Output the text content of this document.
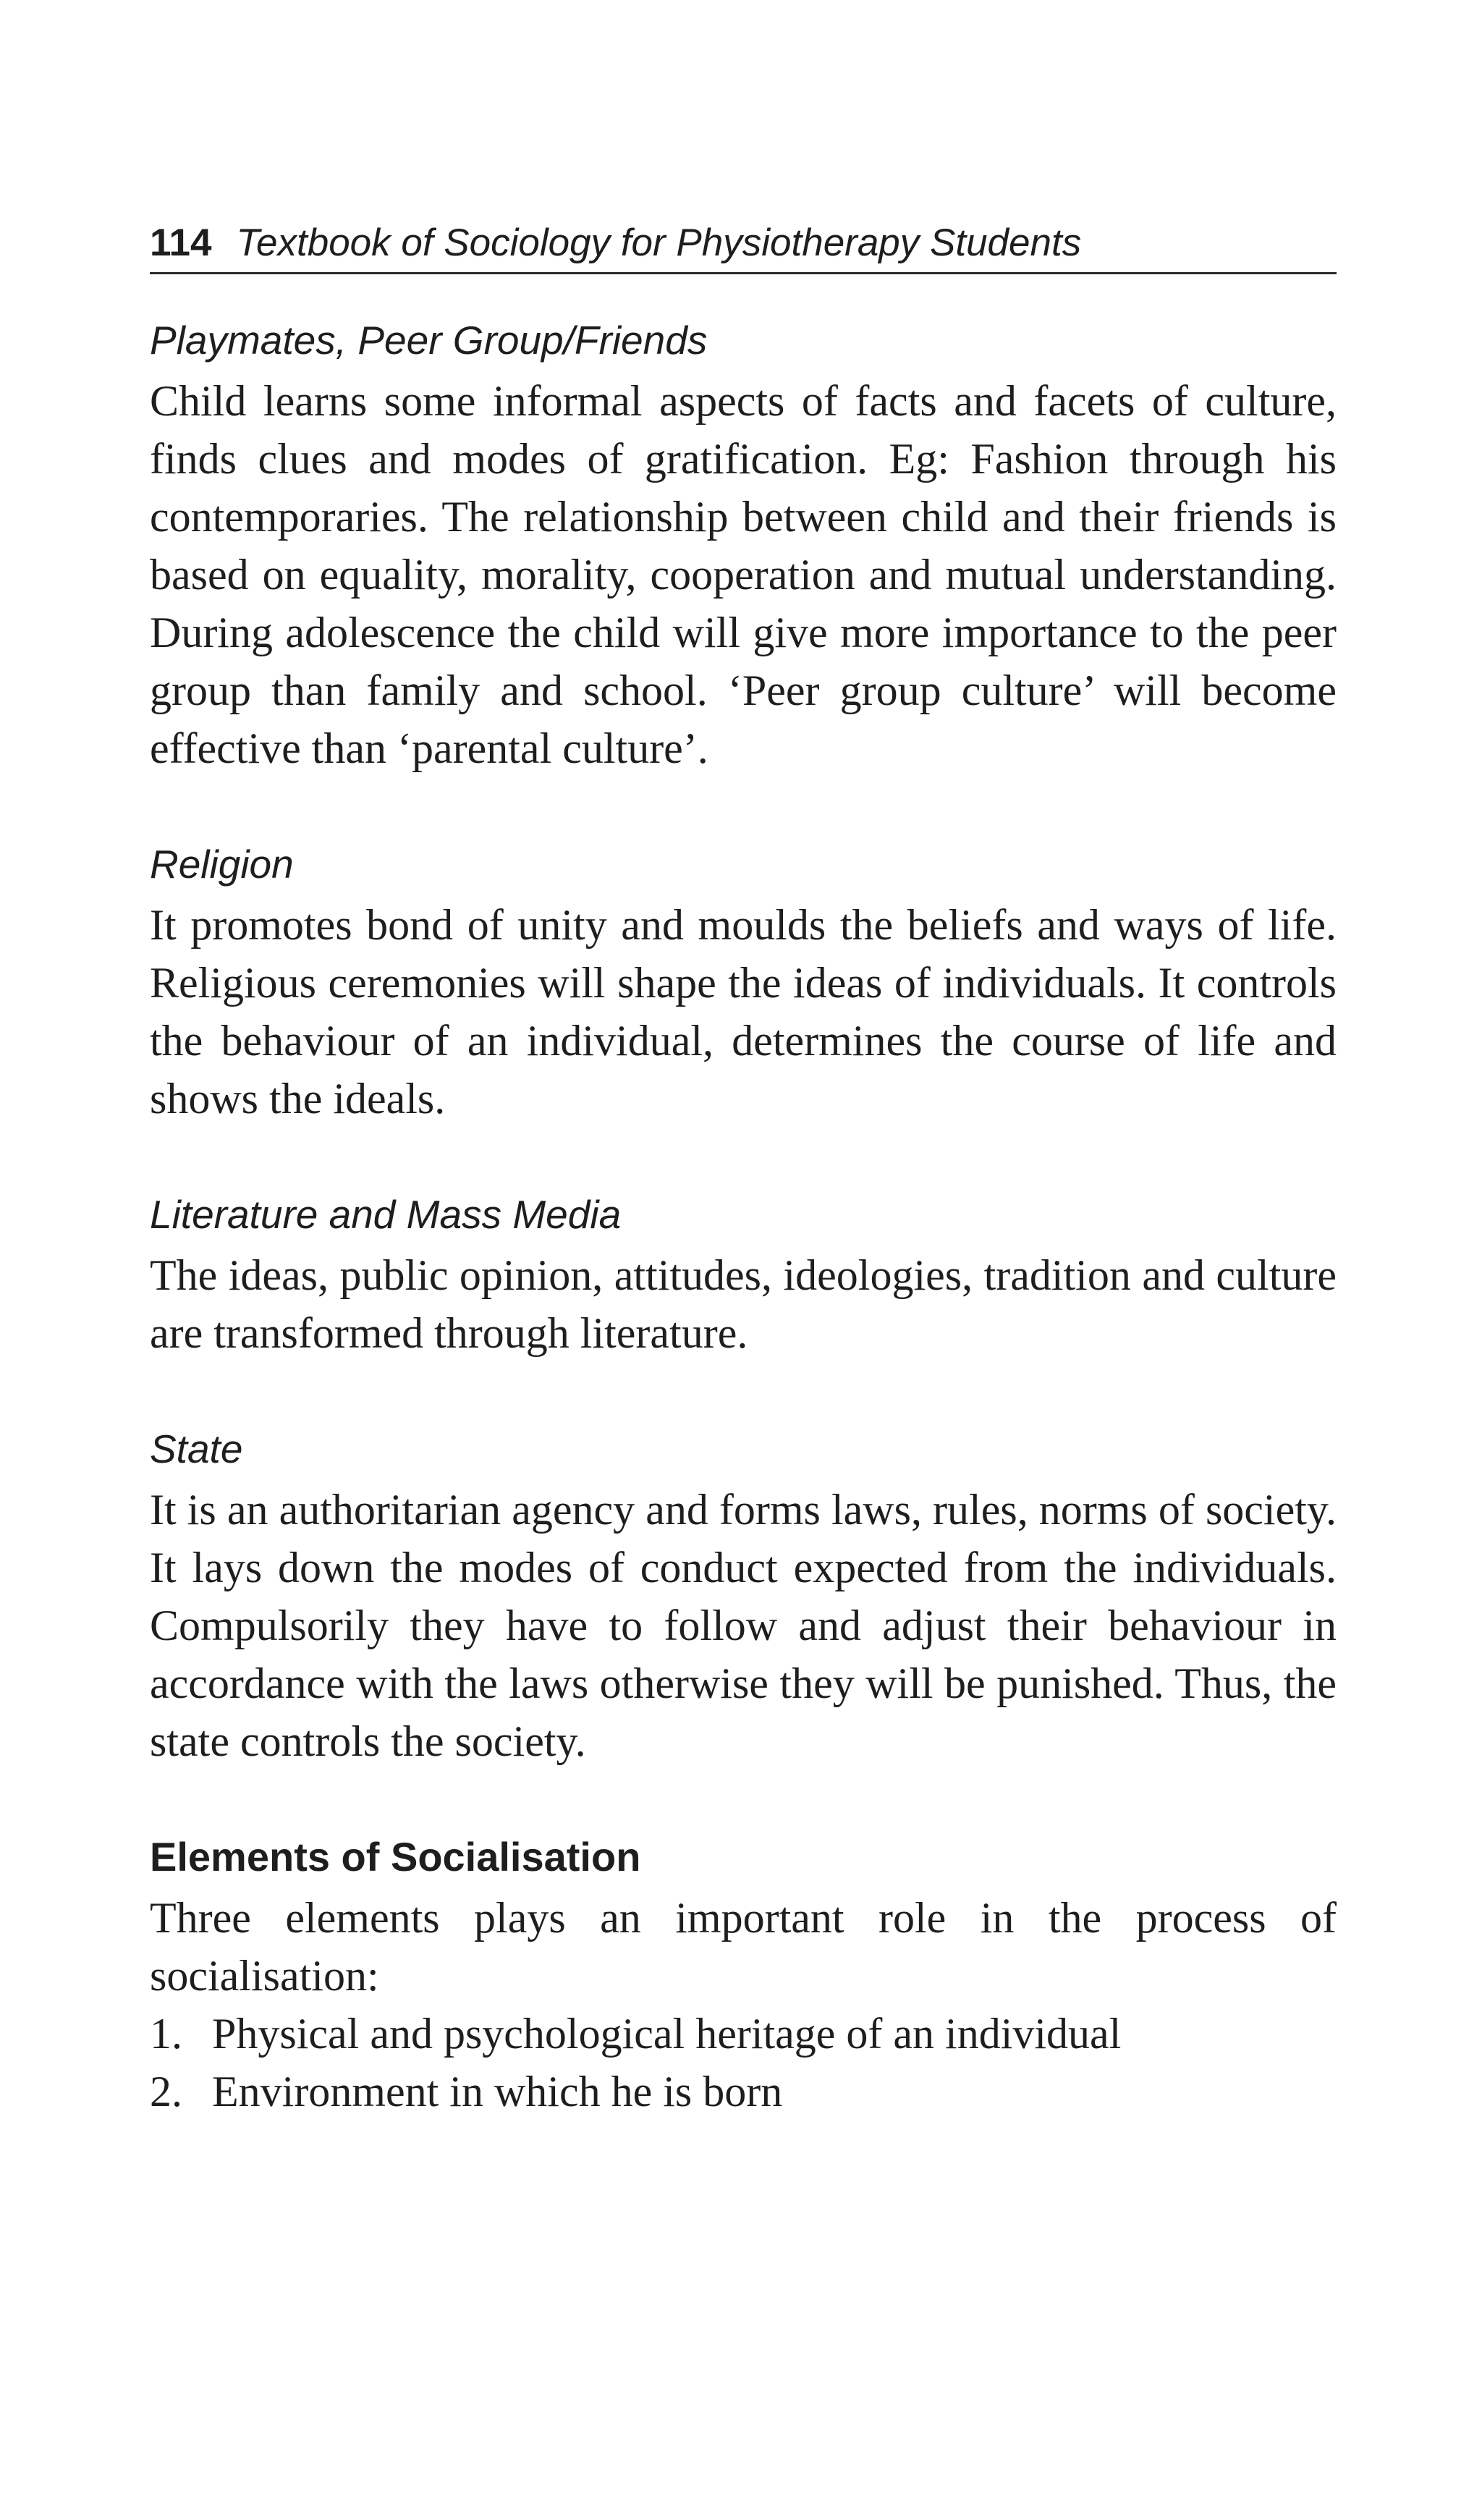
114 Textbook of Sociology for Physiotherapy Students
Playmates, Peer Group/Friends

Child learns some informal aspects of facts and facets of culture, finds clues and modes of gratification. Eg: Fashion through his contemporaries. The relationship between child and their friends is based on equality, morality, cooperation and mutual understanding. During adolescence the child will give more importance to the peer group than family and school. ‘Peer group culture’ will become effective than ‘parental culture’.

Religion

It promotes bond of unity and moulds the beliefs and ways of life. Religious ceremonies will shape the ideas of individuals. It controls the behaviour of an individual, determines the course of life and shows the ideals.

Literature and Mass Media

The ideas, public opinion, attitudes, ideologies, tradition and culture are transformed through literature.

State

It is an authoritarian agency and forms laws, rules, norms of society. It lays down the modes of conduct expected from the individuals. Compulsorily they have to follow and adjust their behaviour in accordance with the laws otherwise they will be punished. Thus, the state controls the society.

Elements of Socialisation

Three elements plays an important role in the process of socialisation:

1. Physical and psychological heritage of an individual
2. Environment in which he is born
